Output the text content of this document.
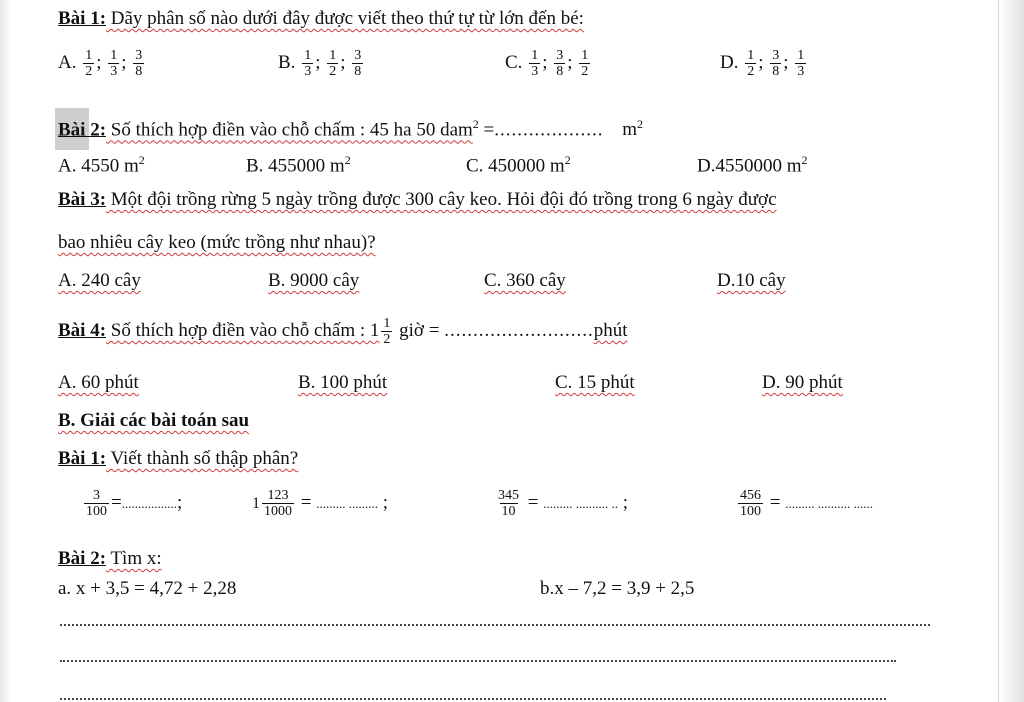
Bài 1: Dãy phân số nào dưới đây được viết theo thứ tự từ lớn đến bé:
A. $\frac{1}{2}$ ; $\frac{1}{3}$ ; $\frac{3}{8}$	B. $\frac{1}{3}$ ; $\frac{1}{2}$ ; $\frac{3}{8}$	C. $\frac{1}{3}$ ; $\frac{3}{8}$ ; $\frac{1}{2}$	D. $\frac{1}{2}$ ; $\frac{3}{8}$ ; $\frac{1}{3}$
Bài 2: Số thích hợp điền vào chỗ chấm : 45 ha 50 dam$^2$ =................... $m^2$
A. 4550 $m^2$	B. 455000 $m^2$	C. 450000 $m^2$	D.4550000 $m^2$
Bài 3: Một đội trồng rừng 5 ngày trồng được 300 cây keo. Hỏi đội đó trồng trong 6 ngày được
bao nhiêu cây keo (mức trồng như nhau)?
A. 240 cây	B. 9000 cây	C. 360 cây	D.10 cây
Bài 4: Số thích hợp điền vào chỗ chấm : $1 \frac{1}{2}$ giờ = ..........................phút
A. 60 phút	B. 100 phút	C. 15 phút	D. 90 phút
B. Giải các bài toán sau
Bài 1: Viết thành số thập phân?
$\frac{3}{100}$ =.................;	$1 \frac{123}{1000}$ = ......... ......... ;	$\frac{345}{10}$ = ......... .......... .. ;	$\frac{456}{100}$ = ......... .......... ......
Bài 2: Tìm x:
a. x + 3,5 = 4,72 + 2,28	b.x – 7,2 = 3,9 + 2,5
